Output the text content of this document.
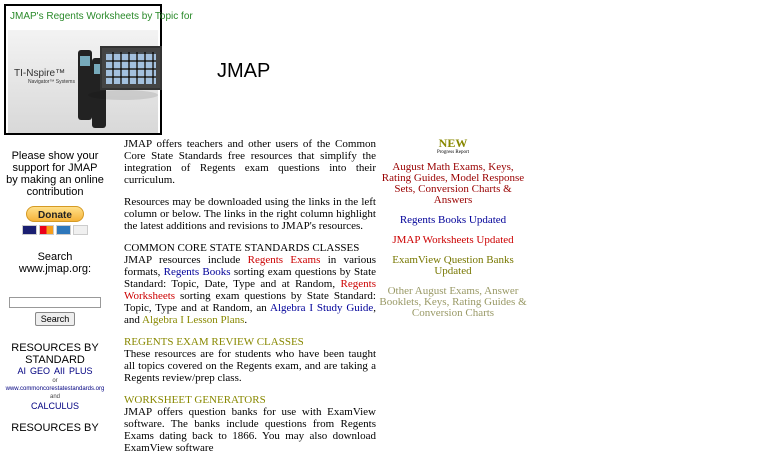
JMAP's Regents Worksheets by Topic for
TI-Nspire™
Navigator™ Systems	JMAP
Please show your support for JMAP by making an online contribution
Donate
Search www.jmap.org:
Search
RESOURCES BY STANDARD
AI GEO AII PLUS
or
www.commoncorestatestandards.org
and
CALCULUS
RESOURCES BY

JMAP offers teachers and other users of the Common Core State Standards free resources that simplify the integration of Regents exam questions into their curriculum.

Resources may be downloaded using the links in the left column or below. The links in the right column highlight the latest additions and revisions to JMAP's resources.

COMMON CORE STATE STANDARDS CLASSES
JMAP resources include Regents Exams in various formats, Regents Books sorting exam questions by State Standard: Topic, Date, Type and at Random, Regents Worksheets sorting exam questions by State Standard: Topic, Type and at Random, an Algebra I Study Guide, and Algebra I Lesson Plans.

REGENTS EXAM REVIEW CLASSES
These resources are for students who have been taught all topics covered on the Regents exam, and are taking a Regents review/prep class.

WORKSHEET GENERATORS
JMAP offers question banks for use with ExamView software. The banks include questions from Regents Exams dating back to 1866. You may also download ExamView software

NEW
Progress Report
August Math Exams, Keys, Rating Guides, Model Response Sets, Conversion Charts & Answers
Regents Books Updated
JMAP Worksheets Updated
ExamView Question Banks Updated
Other August Exams, Answer Booklets, Keys, Rating Guides & Conversion Charts
